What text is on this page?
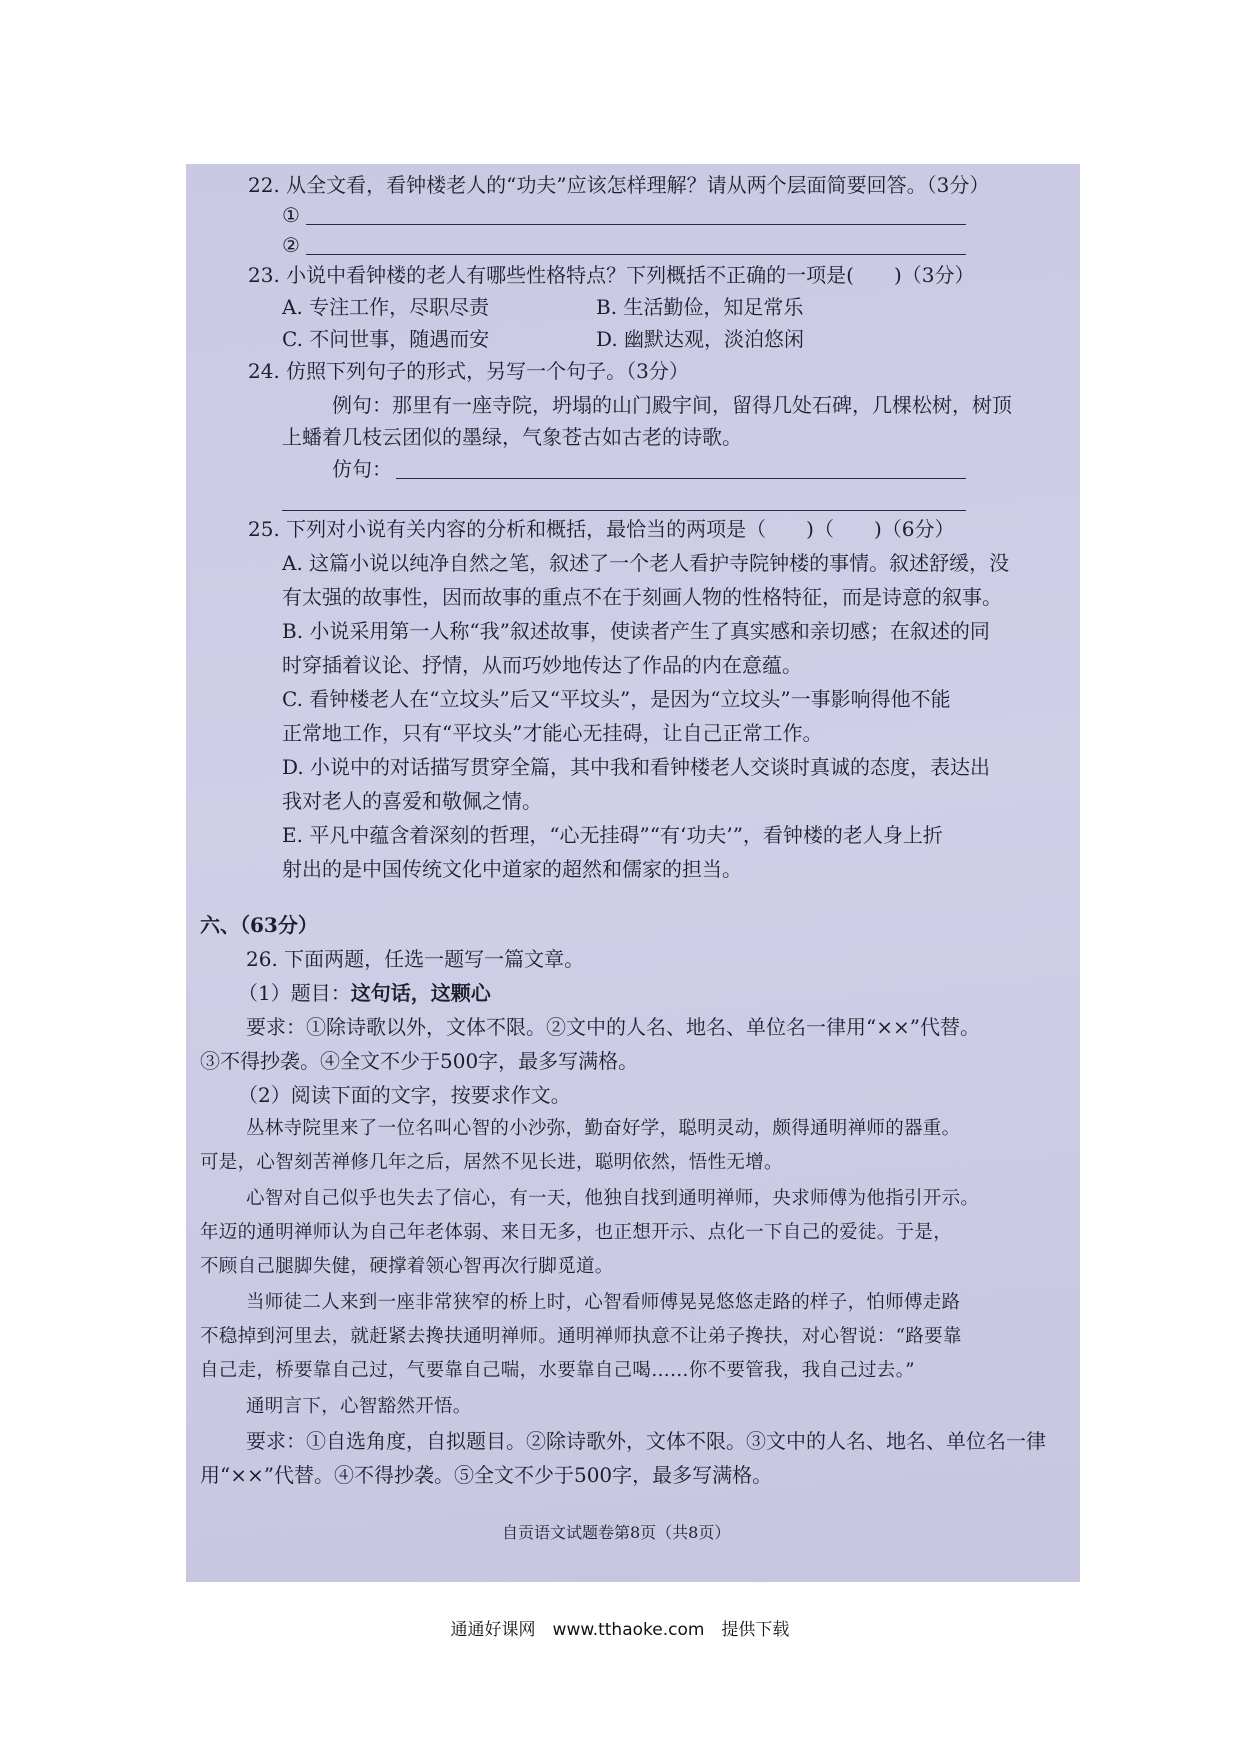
22. 从全文看，看钟楼老人的“功夫”应该怎样理解？请从两个层面简要回答。（3分）
①
②
23. 小说中看钟楼的老人有哪些性格特点？下列概括不正确的一项是(　　)（3分）
A. 专注工作，尽职尽责	B. 生活勤俭，知足常乐
C. 不问世事，随遇而安	D. 幽默达观，淡泊悠闲
24. 仿照下列句子的形式，另写一个句子。（3分）
例句：那里有一座寺院，坍塌的山门殿宇间，留得几处石碑，几棵松树，树顶
上蟠着几枝云团似的墨绿，气象苍古如古老的诗歌。
仿句：
25. 下列对小说有关内容的分析和概括，最恰当的两项是（　　)（　　)（6分）
A. 这篇小说以纯净自然之笔，叙述了一个老人看护寺院钟楼的事情。叙述舒缓，没
有太强的故事性，因而故事的重点不在于刻画人物的性格特征，而是诗意的叙事。
B. 小说采用第一人称“我”叙述故事，使读者产生了真实感和亲切感；在叙述的同
时穿插着议论、抒情，从而巧妙地传达了作品的内在意蕴。
C. 看钟楼老人在“立坟头”后又“平坟头”，是因为“立坟头”一事影响得他不能
正常地工作，只有“平坟头”才能心无挂碍，让自己正常工作。
D. 小说中的对话描写贯穿全篇，其中我和看钟楼老人交谈时真诚的态度，表达出
我对老人的喜爱和敬佩之情。
E. 平凡中蕴含着深刻的哲理，“心无挂碍”“有‘功夫’”，看钟楼的老人身上折
射出的是中国传统文化中道家的超然和儒家的担当。
六、（63分）
26. 下面两题，任选一题写一篇文章。
（1）题目：这句话，这颗心
要求：①除诗歌以外，文体不限。②文中的人名、地名、单位名一律用“××”代替。
③不得抄袭。④全文不少于500字，最多写满格。
（2）阅读下面的文字，按要求作文。
丛林寺院里来了一位名叫心智的小沙弥，勤奋好学，聪明灵动，颇得通明禅师的器重。
可是，心智刻苦禅修几年之后，居然不见长进，聪明依然，悟性无增。
心智对自己似乎也失去了信心，有一天，他独自找到通明禅师，央求师傅为他指引开示。
年迈的通明禅师认为自己年老体弱、来日无多，也正想开示、点化一下自己的爱徒。于是，
不顾自己腿脚失健，硬撑着领心智再次行脚觅道。
当师徒二人来到一座非常狭窄的桥上时，心智看师傅晃晃悠悠走路的样子，怕师傅走路
不稳掉到河里去，就赶紧去搀扶通明禅师。通明禅师执意不让弟子搀扶，对心智说：“路要靠
自己走，桥要靠自己过，气要靠自己喘，水要靠自己喝……你不要管我，我自己过去。”
通明言下，心智豁然开悟。
要求：①自选角度，自拟题目。②除诗歌外，文体不限。③文中的人名、地名、单位名一律
用“××”代替。④不得抄袭。⑤全文不少于500字，最多写满格。
自贡语文试题卷第8页（共8页）
通通好课网　www.tthaoke.com　提供下载
